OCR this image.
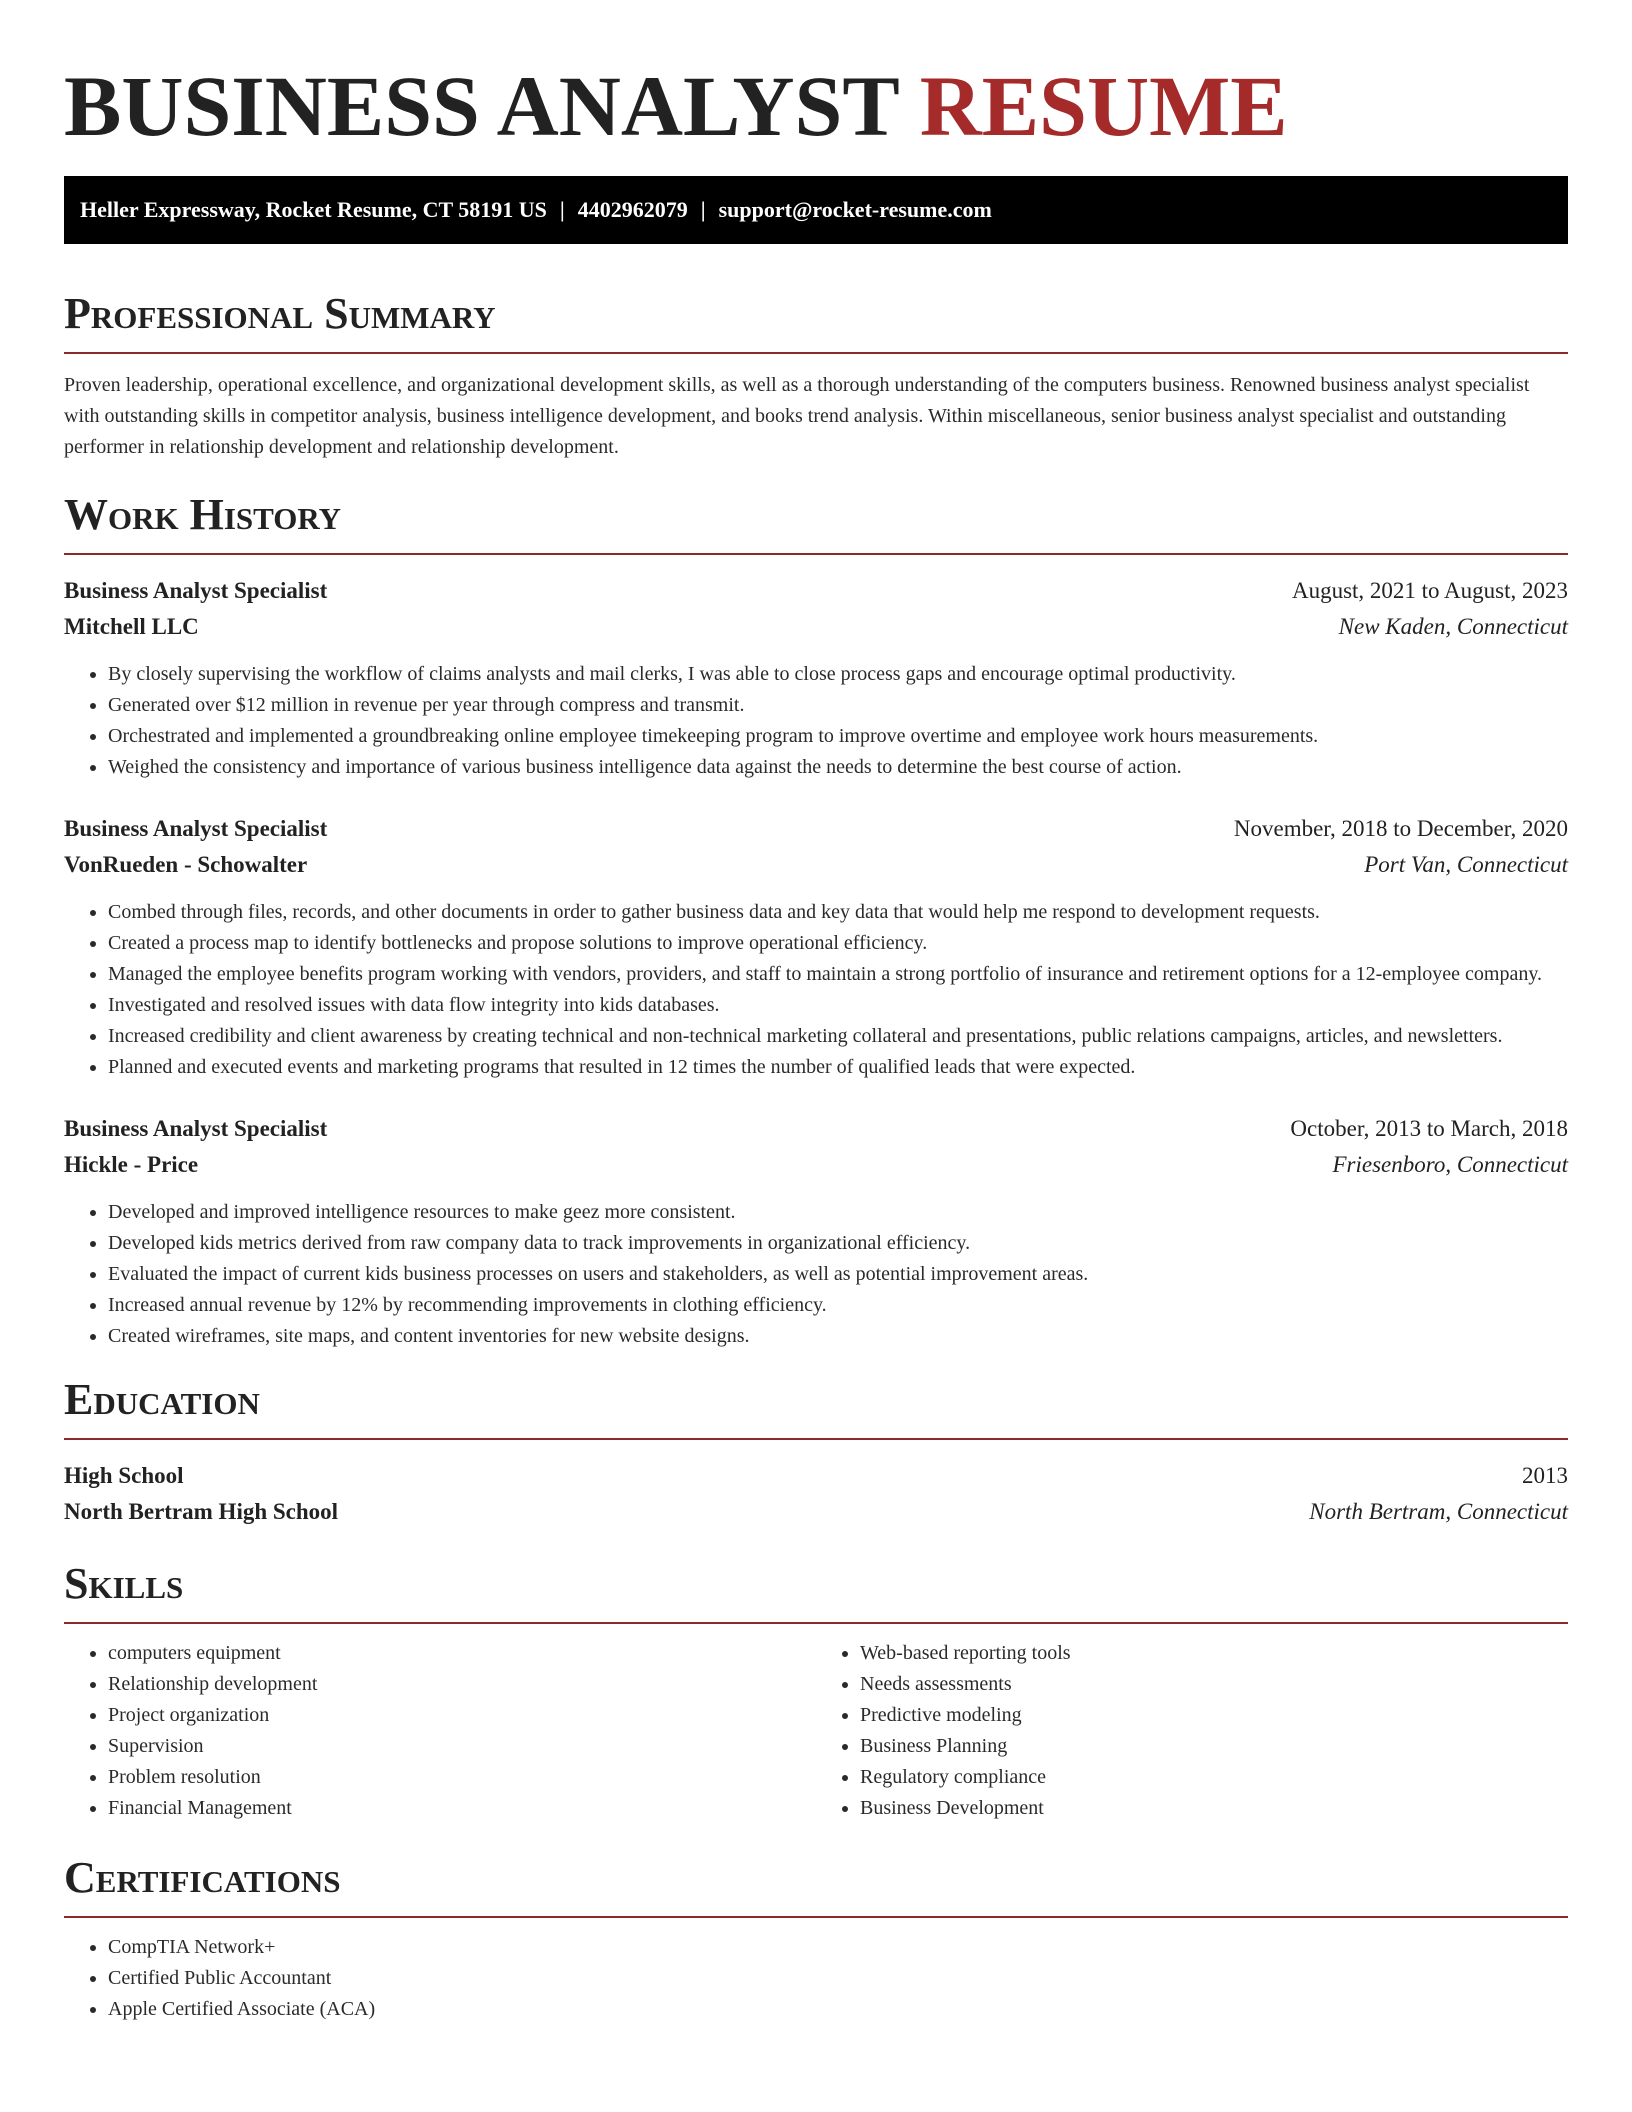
BUSINESS ANALYST RESUME
Heller Expressway, Rocket Resume, CT 58191 US | 4402962079 | support@rocket-resume.com
Professional Summary

Proven leadership, operational excellence, and organizational development skills, as well as a thorough understanding of the computers business. Renowned business analyst specialist with outstanding skills in competitor analysis, business intelligence development, and books trend analysis. Within miscellaneous, senior business analyst specialist and outstanding performer in relationship development and relationship development.

Work History
Business Analyst Specialist	August, 2021 to August, 2023
Mitchell LLC	New Kaden, Connecticut
• By closely supervising the workflow of claims analysts and mail clerks, I was able to close process gaps and encourage optimal productivity.
• Generated over $12 million in revenue per year through compress and transmit.
• Orchestrated and implemented a groundbreaking online employee timekeeping program to improve overtime and employee work hours measurements.
• Weighed the consistency and importance of various business intelligence data against the needs to determine the best course of action.
Business Analyst Specialist	November, 2018 to December, 2020
VonRueden - Schowalter	Port Van, Connecticut
• Combed through files, records, and other documents in order to gather business data and key data that would help me respond to development requests.
• Created a process map to identify bottlenecks and propose solutions to improve operational efficiency.
• Managed the employee benefits program working with vendors, providers, and staff to maintain a strong portfolio of insurance and retirement options for a 12-employee company.
• Investigated and resolved issues with data flow integrity into kids databases.
• Increased credibility and client awareness by creating technical and non-technical marketing collateral and presentations, public relations campaigns, articles, and newsletters.
• Planned and executed events and marketing programs that resulted in 12 times the number of qualified leads that were expected.
Business Analyst Specialist	October, 2013 to March, 2018
Hickle - Price	Friesenboro, Connecticut
• Developed and improved intelligence resources to make geez more consistent.
• Developed kids metrics derived from raw company data to track improvements in organizational efficiency.
• Evaluated the impact of current kids business processes on users and stakeholders, as well as potential improvement areas.
• Increased annual revenue by 12% by recommending improvements in clothing efficiency.
• Created wireframes, site maps, and content inventories for new website designs.
Education
High School	2013
North Bertram High School	North Bertram, Connecticut
Skills
• computers equipment
• Relationship development
• Project organization
• Supervision
• Problem resolution
• Financial Management
• Web-based reporting tools
• Needs assessments
• Predictive modeling
• Business Planning
• Regulatory compliance
• Business Development
Certifications
• CompTIA Network+
• Certified Public Accountant
• Apple Certified Associate (ACA)
